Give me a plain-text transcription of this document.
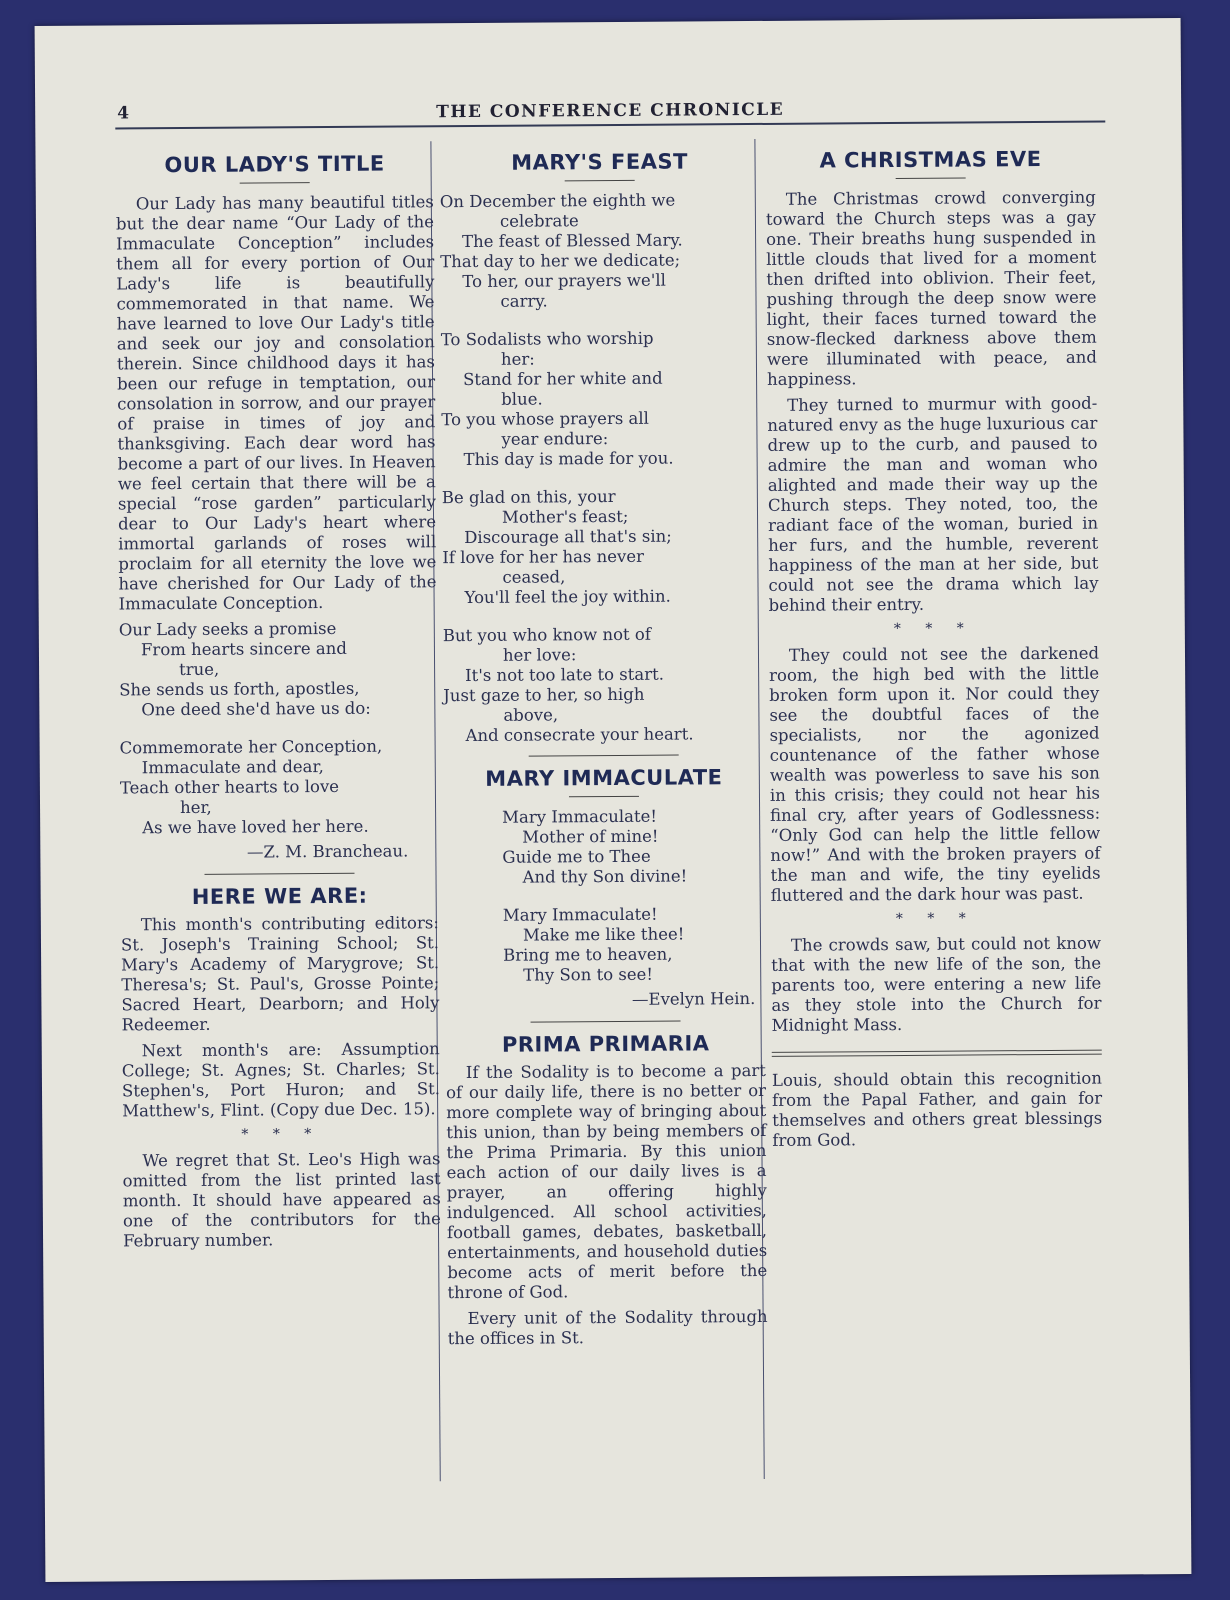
4	THE CONFERENCE CHRONICLE
OUR LADY'S TITLE

Our Lady has many beautiful titles but the dear name “Our Lady of the Immaculate Conception” includes them all for every portion of Our Lady's life is beautifully commemorated in that name. We have learned to love Our Lady's title and seek our joy and consolation therein. Since childhood days it has been our refuge in temptation, our consolation in sorrow, and our prayer of praise in times of joy and thanksgiving. Each dear word has become a part of our lives. In Heaven we feel certain that there will be a special “rose garden” particularly dear to Our Lady's heart where immortal garlands of roses will proclaim for all eternity the love we have cherished for Our Lady of the Immaculate Conception.

Our Lady seeks a promise
From hearts sincere and
true,
She sends us forth, apostles,
One deed she'd have us do:
Commemorate her Conception,
Immaculate and dear,
Teach other hearts to love
her,
As we have loved her here.
—Z. M. Brancheau.
HERE WE ARE:

This month's contributing editors: St. Joseph's Training School; St. Mary's Academy of Marygrove; St. Theresa's; St. Paul's, Grosse Pointe; Sacred Heart, Dearborn; and Holy Redeemer.

Next month's are: Assumption College; St. Agnes; St. Charles; St. Stephen's, Port Huron; and St. Matthew's, Flint. (Copy due Dec. 15).

* * *

We regret that St. Leo's High was omitted from the list printed last month. It should have appeared as one of the contributors for the February number.

MARY'S FEAST
On December the eighth we
celebrate
The feast of Blessed Mary.
That day to her we dedicate;
To her, our prayers we'll
carry.
To Sodalists who worship
her:
Stand for her white and
blue.
To you whose prayers all
year endure:
This day is made for you.
Be glad on this, your
Mother's feast;
Discourage all that's sin;
If love for her has never
ceased,
You'll feel the joy within.
But you who know not of
her love:
It's not too late to start.
Just gaze to her, so high
above,
And consecrate your heart.
MARY IMMACULATE
Mary Immaculate!
Mother of mine!
Guide me to Thee
And thy Son divine!
Mary Immaculate!
Make me like thee!
Bring me to heaven,
Thy Son to see!
—Evelyn Hein.
PRIMA PRIMARIA

If the Sodality is to become a part of our daily life, there is no better or more complete way of bringing about this union, than by being members of the Prima Primaria. By this union each action of our daily lives is a prayer, an offering highly indulgenced. All school activities, football games, debates, basketball, entertainments, and household duties become acts of merit before the throne of God.

Every unit of the Sodality through the offices in St.

A CHRISTMAS EVE

The Christmas crowd converging toward the Church steps was a gay one. Their breaths hung suspended in little clouds that lived for a moment then drifted into oblivion. Their feet, pushing through the deep snow were light, their faces turned toward the snow-flecked darkness above them were illuminated with peace, and happiness.

They turned to murmur with good-natured envy as the huge luxurious car drew up to the curb, and paused to admire the man and woman who alighted and made their way up the Church steps. They noted, too, the radiant face of the woman, buried in her furs, and the humble, reverent happiness of the man at her side, but could not see the drama which lay behind their entry.

* * *

They could not see the darkened room, the high bed with the little broken form upon it. Nor could they see the doubtful faces of the specialists, nor the agonized countenance of the father whose wealth was powerless to save his son in this crisis; they could not hear his final cry, after years of Godlessness: “Only God can help the little fellow now!” And with the broken prayers of the man and wife, the tiny eyelids fluttered and the dark hour was past.

* * *

The crowds saw, but could not know that with the new life of the son, the parents too, were entering a new life as they stole into the Church for Midnight Mass.

Louis, should obtain this recognition from the Papal Father, and gain for themselves and others great blessings from God.
